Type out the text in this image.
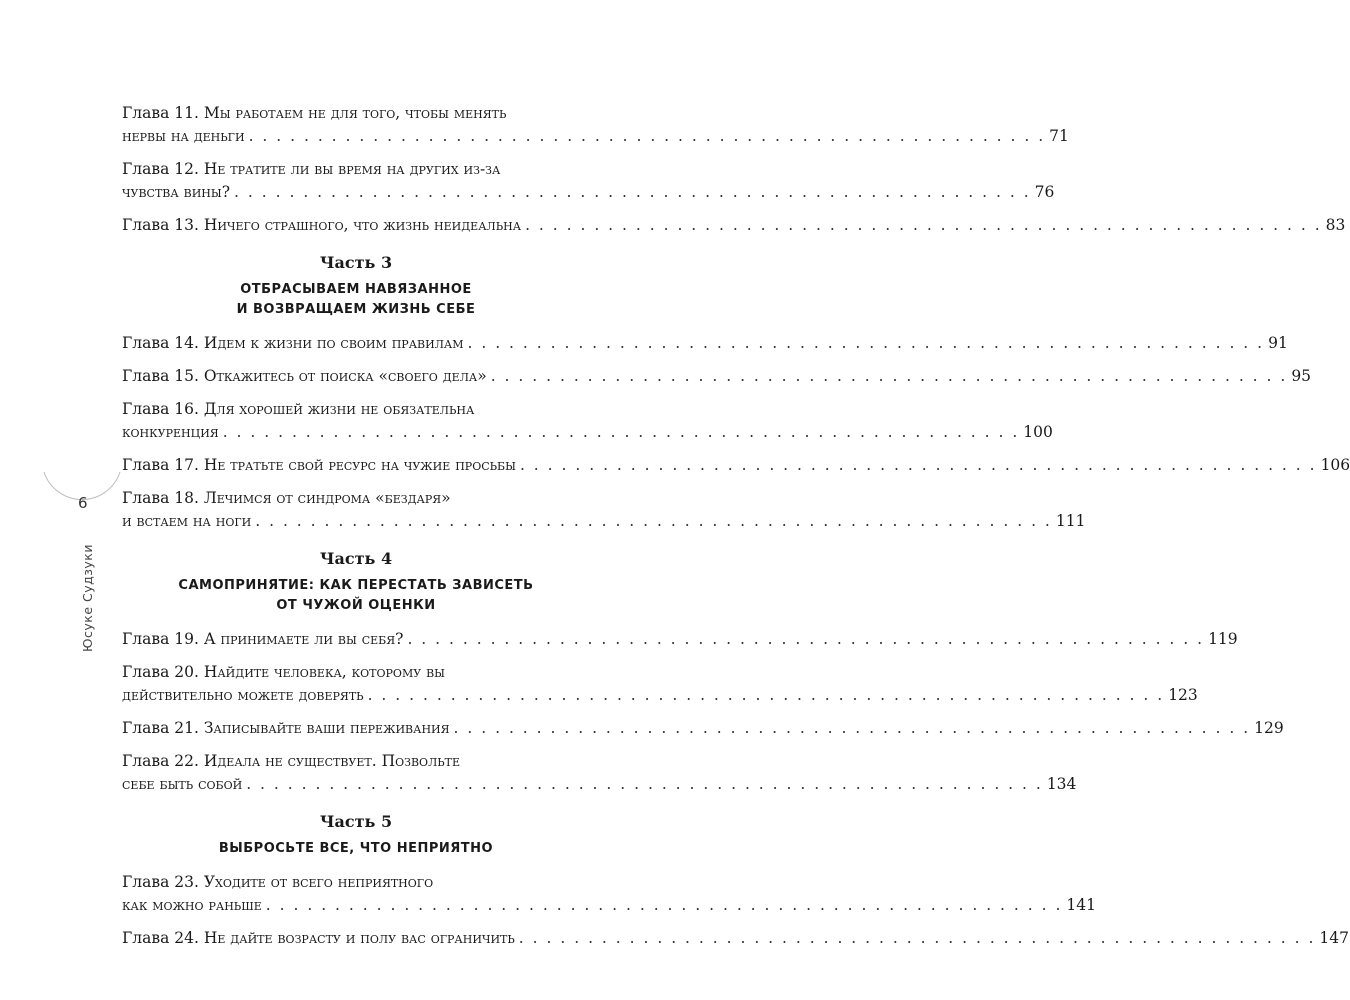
6
Юсуке Судзуки
Глава 11. Мы работаем не для того, чтобы менять
нервы на деньги . . . . . . . . . . . . . . . . . . . . . . . . . . . . . . . . . . . . . . . . . . . . . . . . . . . . . . . . . . 71
Глава 12. Не тратите ли вы время на других из-за
чувства вины? . . . . . . . . . . . . . . . . . . . . . . . . . . . . . . . . . . . . . . . . . . . . . . . . . . . . . . . . . . 76
Глава 13. Ничего страшного, что жизнь неидеальна . . . . . . . . . . . . . . . . . . . . . . . . . . . . . . . . . . . . . . . . . . . . . . . . . . . . . . . . . . 83
Часть 3
ОТБРАСЫВАЕМ НАВЯЗАННОЕ
И ВОЗВРАЩАЕМ ЖИЗНЬ СЕБЕ
Глава 14. Идем к жизни по своим правилам . . . . . . . . . . . . . . . . . . . . . . . . . . . . . . . . . . . . . . . . . . . . . . . . . . . . . . . . . . 91
Глава 15. Откажитесь от поиска «своего дела» . . . . . . . . . . . . . . . . . . . . . . . . . . . . . . . . . . . . . . . . . . . . . . . . . . . . . . . . . . 95
Глава 16. Для хорошей жизни не обязательна
конкуренция . . . . . . . . . . . . . . . . . . . . . . . . . . . . . . . . . . . . . . . . . . . . . . . . . . . . . . . . . . 100
Глава 17. Не тратьте свой ресурс на чужие просьбы . . . . . . . . . . . . . . . . . . . . . . . . . . . . . . . . . . . . . . . . . . . . . . . . . . . . . . . . . . 106
Глава 18. Лечимся от синдрома «бездаря»
и встаем на ноги . . . . . . . . . . . . . . . . . . . . . . . . . . . . . . . . . . . . . . . . . . . . . . . . . . . . . . . . . . 111
Часть 4
САМОПРИНЯТИЕ: КАК ПЕРЕСТАТЬ ЗАВИСЕТЬ
ОТ ЧУЖОЙ ОЦЕНКИ
Глава 19. А принимаете ли вы себя? . . . . . . . . . . . . . . . . . . . . . . . . . . . . . . . . . . . . . . . . . . . . . . . . . . . . . . . . . . 119
Глава 20. Найдите человека, которому вы
действительно можете доверять . . . . . . . . . . . . . . . . . . . . . . . . . . . . . . . . . . . . . . . . . . . . . . . . . . . . . . . . . . 123
Глава 21. Записывайте ваши переживания . . . . . . . . . . . . . . . . . . . . . . . . . . . . . . . . . . . . . . . . . . . . . . . . . . . . . . . . . . 129
Глава 22. Идеала не существует. Позвольте
себе быть собой . . . . . . . . . . . . . . . . . . . . . . . . . . . . . . . . . . . . . . . . . . . . . . . . . . . . . . . . . . 134
Часть 5
ВЫБРОСЬТЕ ВСЕ, ЧТО НЕПРИЯТНО
Глава 23. Уходите от всего неприятного
как можно раньше . . . . . . . . . . . . . . . . . . . . . . . . . . . . . . . . . . . . . . . . . . . . . . . . . . . . . . . . . . 141
Глава 24. Не дайте возрасту и полу вас ограничить . . . . . . . . . . . . . . . . . . . . . . . . . . . . . . . . . . . . . . . . . . . . . . . . . . . . . . . . . . 147
